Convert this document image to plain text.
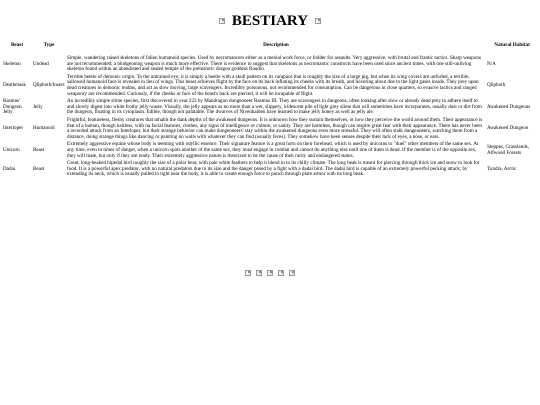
BESTIARY
Beast	Type	Description	Natural Habitat
Skeleton	Undead	Simple, wandering raised skeletons of fallen humanoid species. Used by necromancers either as a menial work force, or fodder for assaults. Very aggressive, with brutal and frantic tactics. Sharp weapons are not recommended; a bludgeoning weapon is much more effective. There is evidence to suggest that skeletons as necromantic constructs have been used since ancient times, with one still-unliving skeleton found within an abandoned and sealed temple of the prehistoric dragon goddess Raudin.	N/A
Deathmask	Qliphoth/Insect	Terrible beetle of demonic origin. To the untrained eye, it is simply a beetle with a skull pattern on its carapace that is roughly the size of a large pig, but when its wing covers are unfurled, a terrible, sallowed humanoid face is revealed in lieu of wings. This beast achieves flight by the face on its back inflating its cheeks with its breath, and hovering about due to the light gases inside. They prey upon dead creatures in demonic realms, and act as slow moving, large scavengers. Incredibly poisonous, not recommended for consumption. Can be dangerous in close quarters, so evasive tactics and ranged weaponry are recommended. Curiously, if the cheeks or face of the beast's back are pierced, it will be incapable of flight.	Qliphoth
Rasmus' Dungeon Jelly	Jelly	An incredibly simple slime species, first discovered in year 223 by Mandragon dungeoneer Rasmus III. They are scavengers in dungeons, often looking after slow or already dead prey to adhere itself to and slowly digest into white frothy jelly-waste. Visually, the jelly appears as no more than a wet, slippery, iridescent pile of light grey slime that will sometimes have incorporates, usually dust or dirt from the dungeon, floating in its cytoplasm. Edible, though not palatable. The dwarves of Nivenhalden have learned to make jelly honey as well as jelly ale.	Awakened Dungeons
Interloper	Humanoid	Frightful, featureless, fleshy creatures that inhabit the dank depths of the awakened dungeons. It is unknown how they sustain themselves, or how they perceive the world around them. Their appearance is that of a human, though hairless, with no facial features, clothes, any signs of intelligence or culture, or sanity. They are harmless, though can inspire great fear with their appearance. There has never been a recorded attack from an Interloper, but their strange behavior can make dungeoneers' stay within the awakened dungeons even more stressful. They will often stalk dungeoneers, watching them from a distance, doing strange things like dancing or painting on walls with whatever they can find (usually feces). They somehow have keen senses despite their lack of eyes, a nose, or ears.	Awakened Dungeon
Unicorn	Beast	Extremely aggressive equine whose body is teeming with odyllic essence. Their signature feature is a great horn on their forehead, which is used by unicorns to "duel" other members of the same sex. At any time, even in times of danger, when a unicorn spots another of the same sex, they must engage in combat and cannot do anything else until one of them is dead. If the member is of the opposite sex, they will mate, but only if they are ready. Their extremely aggressive nature is theorized to be the cause of their rarity and endangered status.	Steppes, Grasslands, Alfwood Forests
Dadai	Beast	Great, long-beaked bipedal bird roughly the size of a polar bear, with pale white feathers to help it blend in to its chilly climate. The long beak is meant for piercing through thick ice and snow to look for food. It is a powerful apex predator, with no natural predators due to its size and the danger posed by a fight with a dadai bird. The dadai bird is capable of an extremely powerful pecking attack; by extending its neck, which is usually pulled in tight near the body, it is able to create enough force to punch through plate armor with its long beak.	Tundra, Arctic
